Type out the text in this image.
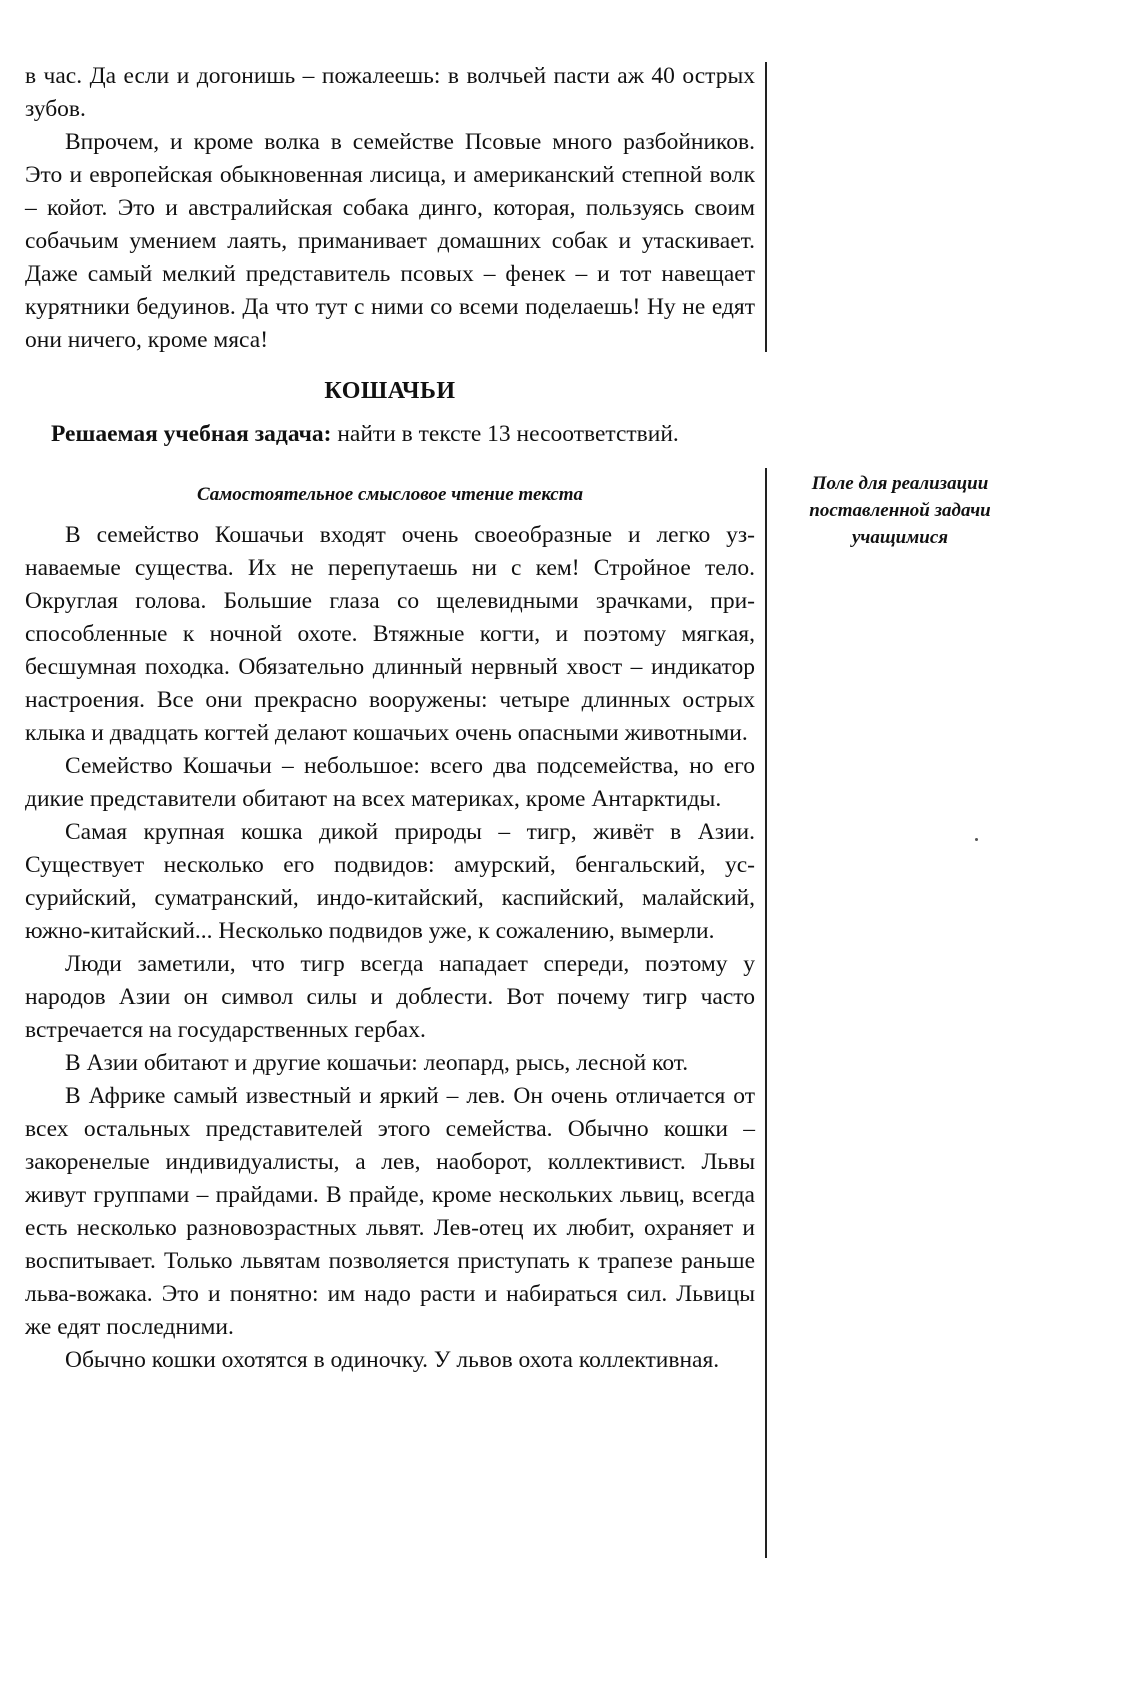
в час. Да если и догонишь – пожалеешь: в волчьей пасти аж 40 острых зубов.

Впрочем, и кроме волка в семействе Псовые много разбойников. Это и европейская обыкновенная лисица, и американский степной волк – койот. Это и австралийская собака динго, которая, пользуясь своим собачьим умением лаять, приманивает домашних собак и утаскивает. Даже самый мелкий представитель псовых – фенек – и тот навещает курятники бедуинов. Да что тут с ними со всеми поделаешь! Ну не едят они ничего, кроме мяса!

КОШАЧЬИ

Решаемая учебная задача: найти в тексте 13 несоответствий.

Самостоятельное смысловое чтение текста

В семейство Кошачьи входят очень своеобразные и легко узнаваемые существа. Их не перепутаешь ни с кем! Стройное тело. Округлая голова. Большие глаза со щелевидными зрачками, приспособленные к ночной охоте. Втяжные когти, и поэтому мягкая, бесшумная походка. Обязательно длинный нервный хвост – индикатор настроения. Все они прекрасно вооружены: четыре длинных острых клыка и двадцать когтей делают кошачьих очень опасными животными.

Семейство Кошачьи – небольшое: всего два подсемейства, но его дикие представители обитают на всех материках, кроме Антарктиды.

Самая крупная кошка дикой природы – тигр, живёт в Азии. Существует несколько его подвидов: амурский, бенгальский, уссурийский, суматранский, индо-китайский, каспийский, малайский, южно-китайский... Несколько подвидов уже, к сожалению, вымерли.

Люди заметили, что тигр всегда нападает спереди, поэтому у народов Азии он символ силы и доблести. Вот почему тигр часто встречается на государственных гербах.

В Азии обитают и другие кошачьи: леопард, рысь, лесной кот.

В Африке самый известный и яркий – лев. Он очень отличается от всех остальных представителей этого семейства. Обычно кошки – закоренелые индивидуалисты, а лев, наоборот, коллективист. Львы живут группами – прайдами. В прайде, кроме нескольких львиц, всегда есть несколько разновозрастных львят. Лев-отец их любит, охраняет и воспитывает. Только львятам позволяется приступать к трапезе раньше льва-вожака. Это и понятно: им надо расти и набираться сил. Львицы же едят последними.

Обычно кошки охотятся в одиночку. У львов охота коллективная.

Поле для реализации поставленной задачи учащимися
